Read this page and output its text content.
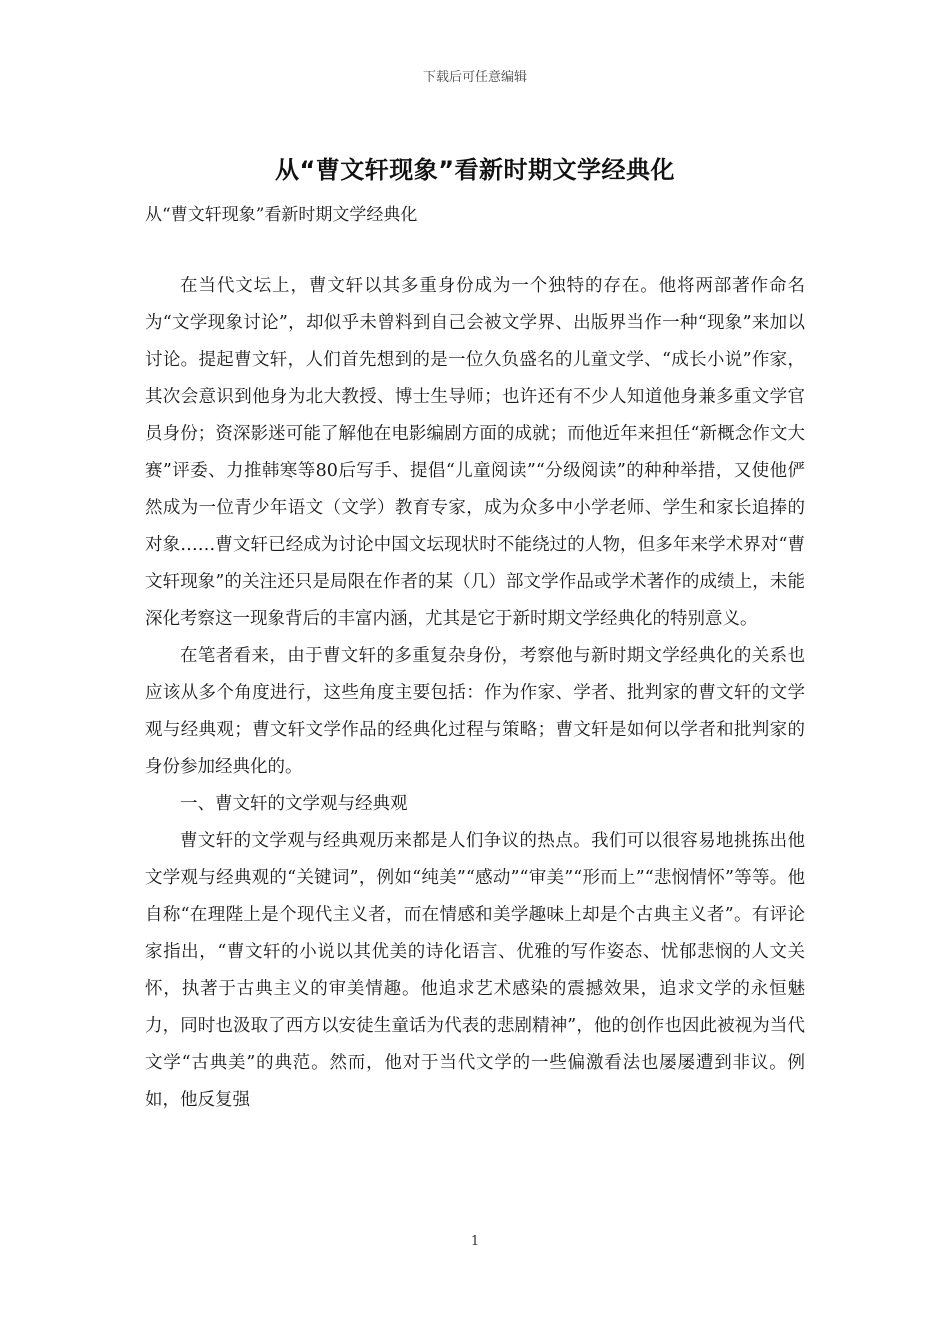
下载后可任意编辑
从“曹文轩现象”看新时期文学经典化
从“曹文轩现象”看新时期文学经典化

在当代文坛上，曹文轩以其多重身份成为一个独特的存在。他将两部著作命名为“文学现象讨论”，却似乎未曾料到自己会被文学界、出版界当作一种“现象”来加以讨论。提起曹文轩，人们首先想到的是一位久负盛名的儿童文学、“成长小说”作家，其次会意识到他身为北大教授、博士生导师；也许还有不少人知道他身兼多重文学官员身份；资深影迷可能了解他在电影编剧方面的成就；而他近年来担任“新概念作文大赛”评委、力推韩寒等80后写手、提倡“儿童阅读”“分级阅读”的种种举措，又使他俨然成为一位青少年语文（文学）教育专家，成为众多中小学老师、学生和家长追捧的对象……曹文轩已经成为讨论中国文坛现状时不能绕过的人物，但多年来学术界对“曹文轩现象”的关注还只是局限在作者的某（几）部文学作品或学术著作的成绩上，未能深化考察这一现象背后的丰富内涵，尤其是它于新时期文学经典化的特别意义。

在笔者看来，由于曹文轩的多重复杂身份，考察他与新时期文学经典化的关系也应该从多个角度进行，这些角度主要包括：作为作家、学者、批判家的曹文轩的文学观与经典观；曹文轩文学作品的经典化过程与策略；曹文轩是如何以学者和批判家的身份参加经典化的。

一、曹文轩的文学观与经典观

曹文轩的文学观与经典观历来都是人们争议的热点。我们可以很容易地挑拣出他文学观与经典观的“关键词”，例如“纯美”“感动”“审美”“形而上”“悲悯情怀”等等。他自称“在理陛上是个现代主义者，而在情感和美学趣味上却是个古典主义者”。有评论家指出，“曹文轩的小说以其优美的诗化语言、优雅的写作姿态、忧郁悲悯的人文关怀，执著于古典主义的审美情趣。他追求艺术感染的震撼效果，追求文学的永恒魅力，同时也汲取了西方以安徒生童话为代表的悲剧精神”，他的创作也因此被视为当代文学“古典美”的典范。然而，他对于当代文学的一些偏激看法也屡屡遭到非议。例如，他反复强

1
